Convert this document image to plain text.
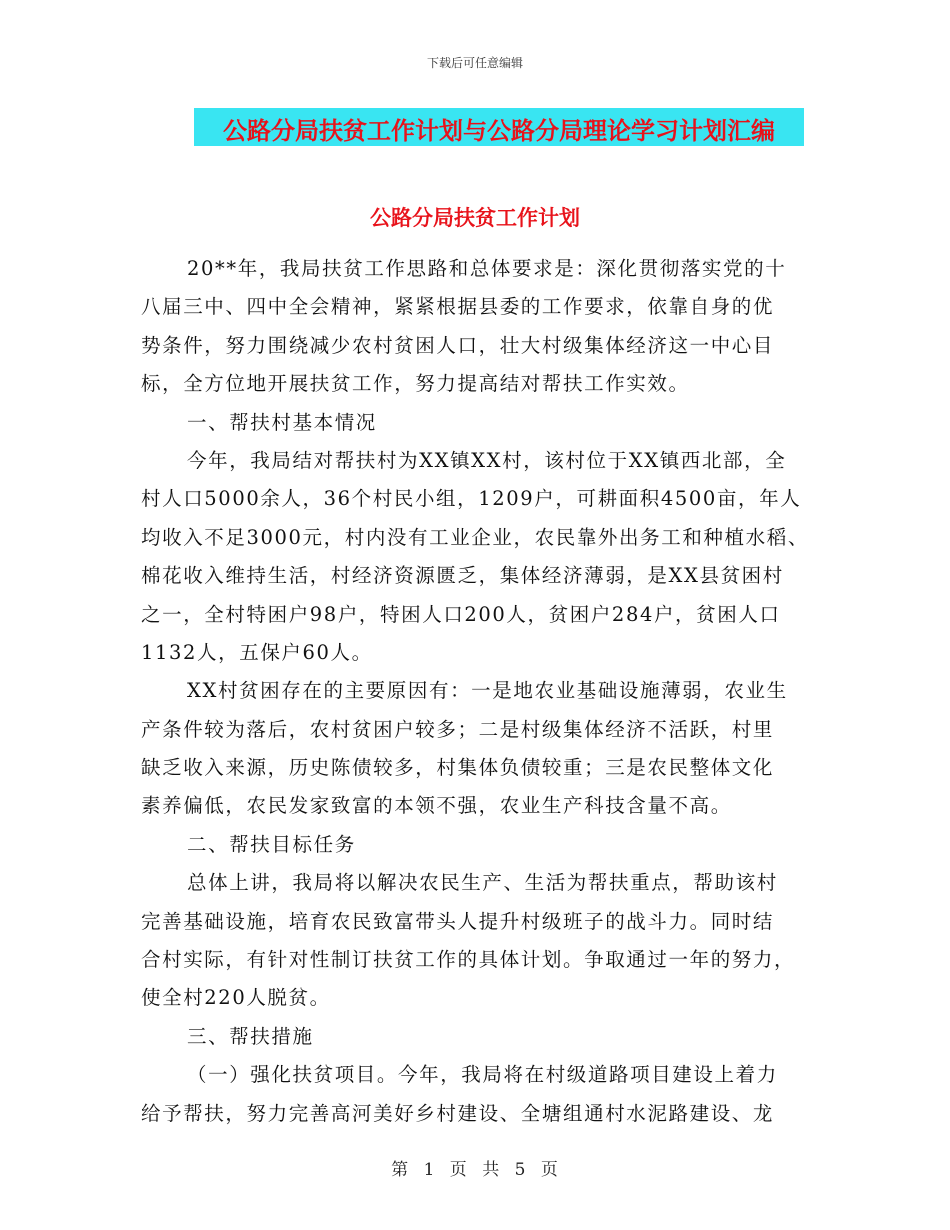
下载后可任意编辑
公路分局扶贫工作计划与公路分局理论学习计划汇编
公路分局扶贫工作计划
20**年，我局扶贫工作思路和总体要求是：深化贯彻落实党的十
八届三中、四中全会精神，紧紧根据县委的工作要求，依靠自身的优
势条件，努力围绕减少农村贫困人口，壮大村级集体经济这一中心目
标，全方位地开展扶贫工作，努力提高结对帮扶工作实效。
一、帮扶村基本情况
今年，我局结对帮扶村为XX镇XX村，该村位于XX镇西北部，全
村人口5000余人，36个村民小组，1209户，可耕面积4500亩，年人
均收入不足3000元，村内没有工业企业，农民靠外出务工和种植水稻、
棉花收入维持生活，村经济资源匮乏，集体经济薄弱，是XX县贫困村
之一，全村特困户98户，特困人口200人，贫困户284户，贫困人口
1132人，五保户60人。
XX村贫困存在的主要原因有：一是地农业基础设施薄弱，农业生
产条件较为落后，农村贫困户较多；二是村级集体经济不活跃，村里
缺乏收入来源，历史陈债较多，村集体负债较重；三是农民整体文化
素养偏低，农民发家致富的本领不强，农业生产科技含量不高。
二、帮扶目标任务
总体上讲，我局将以解决农民生产、生活为帮扶重点，帮助该村
完善基础设施，培育农民致富带头人提升村级班子的战斗力。同时结
合村实际，有针对性制订扶贫工作的具体计划。争取通过一年的努力，
使全村220人脱贫。
三、帮扶措施
（一）强化扶贫项目。今年，我局将在村级道路项目建设上着力
给予帮扶，努力完善高河美好乡村建设、全塘组通村水泥路建设、龙
第 1 页 共 5 页
